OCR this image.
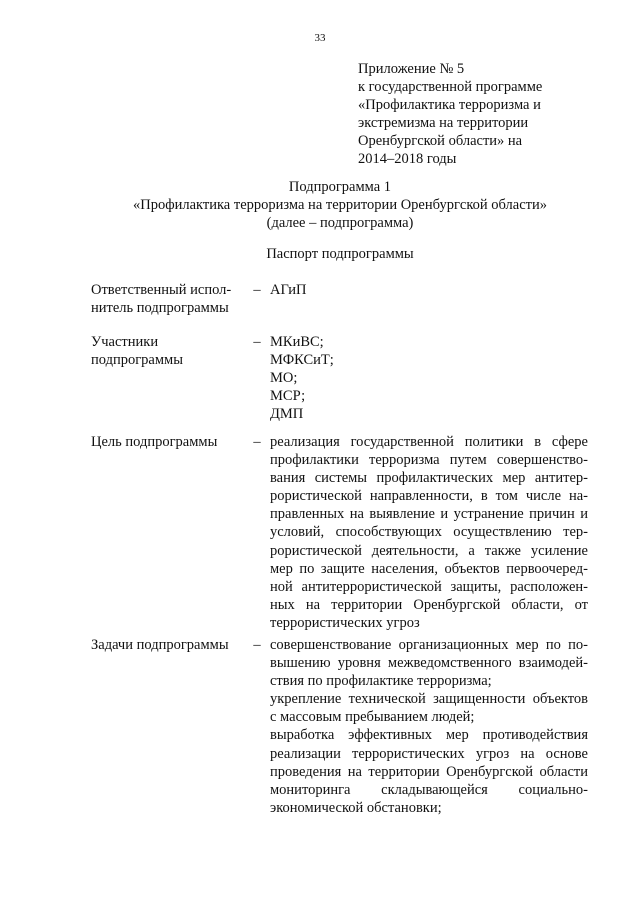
33
Приложение № 5
к государственной программе
«Профилактика терроризма и
экстремизма на территории
Оренбургской области» на
2014–2018 годы
Подпрограмма 1
«Профилактика терроризма на территории Оренбургской области»
(далее – подпрограмма)
Паспорт подпрограммы
Ответственный испол-
нитель подпрограммы
– АГиП
Участники
подпрограммы
– МКиВС;
МФКСиТ;
МО;
МСР;
ДМП
Цель подпрограммы	– реализация государственной политики в сфере
профилактики терроризма путем совершенство-
вания системы профилактических мер антитер-
рористической направленности, в том числе на-
правленных на выявление и устранение причин и
условий, способствующих осуществлению тер-
рористической деятельности, а также усиление
мер по защите населения, объектов первоочеред-
ной антитеррористической защиты, расположен-
ных на территории Оренбургской области, от
террористических угроз
Задачи подпрограммы	– совершенствование организационных мер по по-
вышению уровня межведомственного взаимодей-
ствия по профилактике терроризма;
укрепление технической защищенности объектов
с массовым пребыванием людей;
выработка эффективных мер противодействия
реализации террористических угроз на основе
проведения на территории Оренбургской области
мониторинга складывающейся социально-
экономической обстановки;
